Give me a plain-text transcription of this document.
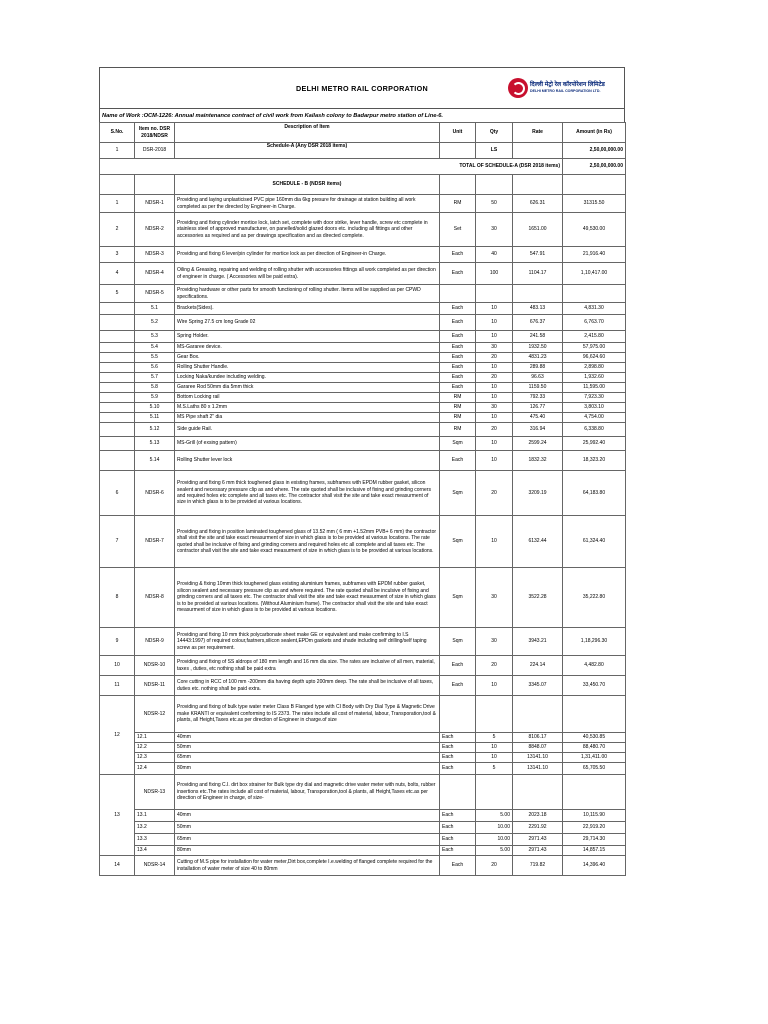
DELHI METRO RAIL CORPORATION	दिल्ली मेट्रो रेल कॉरपोरेशन लिमिटेड
DELHI METRO RAIL CORPORATION LTD.
Name of Work :OCM-1226: Annual maintenance contract of civil work from Kailash colony to Badarpur metro station of Line-6.
S.No.	Item no. DSR 2018/NDSR	Description of Item	Unit	Qty	Rate	Amount (in Rs)
1	DSR-2018	Schedule-A (Any DSR 2018 items)		LS		2,50,00,000.00
TOTAL OF SCHEDULE-A (DSR 2018 items)						2,50,00,000.00
		SCHEDULE - B (NDSR items)				
1	NDSR-1	Providing and laying unplasticised PVC pipe 160mm dia 6kg presure for drainage at station building all work completed as per the directed by Engineer-in Charge.	RM	50	626.31	31315.50
2	NDSR-2	Providing and fixing cylinder mortice lock, latch set, complete with door strike, lever handle, screw etc complete in stainless steel of approved manufacturer, on panelled/solid glazed doors etc. including all fittings and other accessories as required and as per drawings specification and as directed complete.	Set	30	1651.00	49,530.00
3	NDSR-3	Providing and fixing 6 lever/pin cylinder for mortice lock as per direction of Engineer-in Charge.	Each	40	547.91	21,916.40
4	NDSR-4	Oiling & Greasing, repairing and welding of rolling shutter with accessories fittings all work completed as per direction of engineer in charge. ( Accessories will be paid extra).	Each	100	1104.17	1,10,417.00
5	NDSR-5	Providing hardware or other parts for smooth functioning of rolling shutter. Items will be supplied as per CPWD specifications.				
	5.1	Brackets(Sides).	Each	10	483.13	4,831.30
	5.2	Wire Spring 27.5 cm long Grade 02	Each	10	676.37	6,763.70
	5.3	Spring Holder.	Each	10	241.58	2,415.80
	5.4	MS-Gararee device.	Each	30	1932.50	57,975.00
	5.5	Gear Box.	Each	20	4831.23	96,624.60
	5.6	Rolling Shutter Handle.	Each	10	289.88	2,898.80
	5.7	Locking Naka/kundee including welding.	Each	20	96.63	1,932.60
	5.8	Gararee Rod 50mm dia 5mm thick	Each	10	1159.50	11,595.00
	5.9	Bottom Locking rail	RM	10	792.33	7,923.30
	5.10	M.S.Laths 80 x 1.2mm	RM	30	126.77	3,803.10
	5.11	MS Pipe shaft 2" dia	RM	10	475.40	4,754.00
	5.12	Side guide Rail.	RM	20	316.94	6,338.80
	5.13	MS-Grill (of exsing pattern)	Sqm	10	2599.24	25,992.40
	5.14	Rolling Shutter lever lock	Each	10	1832.32	18,323.20
6	NDSR-6	Providing and fixing 6 mm thick toughened glass in existing frames, subframes with EPDM rubber gasket, silicon sealent and necessary pressure clip as and where. The rate quoted shall be inclusive of fixing and grinding corners and required holes etc complete and all taxes etc. The contractor shall visit the site and take exact measurment of size in which glass is to be provided at various locations.	Sqm	20	3209.19	64,183.80
7	NDSR-7	Providing and fixing in position laminated toughened glass of 13.52 mm ( 6 mm +1.52mm PVB+ 6 mm) the contractor shall visit the site and take exact measurment of size in which glass is to be provided at various locations. The rate quoted shall be inclusive of fixing and grinding corners and required holes etc all complete and all taxes etc. The contractor shall visit the site and take exact measurment of size in which glass is to be provided at various locations.	Sqm	10	6132.44	61,324.40
8	NDSR-8	Providing & fixing 10mm thick toughened glass existing aluminium frames, subframes with EPDM rubber gasket, silicon sealent and necessary pressure clip as and where required. The rate quoted shall be inculsive of fixing and grinding corners and all taxes etc. The contractor shall visit the site and take exact measurment of size in which glass is to be provided at various locations. (Without Aluminium frame). The contractor shall visit the site and take exact measurment of size in which glass is to be provided at various locations.	Sqm	30	3522.28	35,222.80
9	NDSR-9	Providing and fixing 10 mm thick polycarbonate sheet make GE or equivalent and make confirming to I.S 14443:1997) of required colour,fastners,silicon sealent,EPDm gaskets and shade including self drilling/self taping screw as per requirement.	Sqm	30	3943.21	1,18,296.30
10	NDSR-10	Providing and fixing of SS aldrops of 180 mm length and 16 mm dia size. The rates are inclusive of all men, material, taxes , duties, etc nothing shall be paid extra	Each	20	224.14	4,482.80
11	NDSR-11	Core cutting in RCC of 100 mm -200mm dia having depth upto 200mm deep. The rate shall be inclusive of all taxes, duties etc. nothing shall be paid extra.	Each	10	3345.07	33,450.70
12	NDSR-12	Providing and fixing of bulk type water meter Class B Flanged type with CI Body with Dry Dial Type & Magnetic Drive make KRANTI or equivalent conforming to IS 2373. The rates include all cost of material, labour, Transporation,tool & plants, all Height,Taxes etc.as per direction of Engineer in charge.of size				
	12.1	40mm	Each	5	8106.17	40,530.85
	12.2	50mm	Each	10	8848.07	88,480.70
	12.3	65mm	Each	10	13141.10	1,31,411.00
	12.4	80mm	Each	5	13141.10	65,705.50
13	NDSR-13	Providing and fixing C.I. dirt box strainer for Bulk type dry dial and magnetic drive water meter with nuts, bolts, rubber insertions etc.The rates include all cost of material, labour, Transporation,tool & plants, all Height,Taxes etc.as per direction of Engineer in charge, of size-				
	13.1	40mm	Each	5.00	2023.18	10,115.90
	13.2	50mm	Each	10.00	2291.92	22,919.20
	13.3	65mm	Each	10.00	2971.43	29,714.30
	13.4	80mm	Each	5.00	2971.43	14,857.15
14	NDSR-14	Cutting of M.S pipe for installation for water meter,Dirt box,complete I.e.welding of flanged complete required for the installation of water meter of size 40 to 80mm	Each	20	719.82	14,396.40
